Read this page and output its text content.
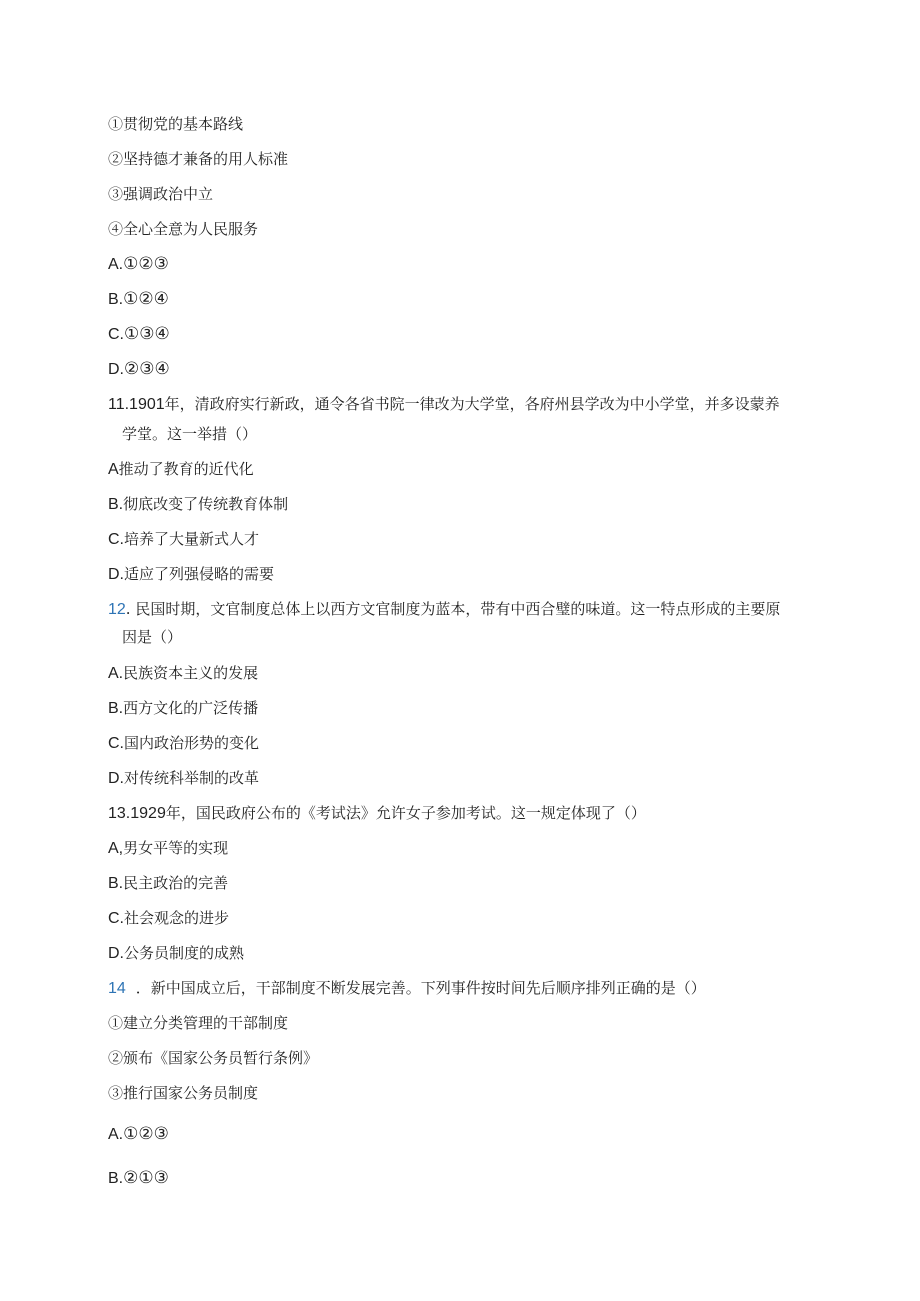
①贯彻党的基本路线
②坚持德才兼备的用人标准
③强调政治中立
④全心全意为人民服务
A.①②③
B.①②④
C.①③④
D.②③④
11.1901年，清政府实行新政，通令各省书院一律改为大学堂，各府州县学改为中小学堂，并多设蒙养
学堂。这一举措（）
A推动了教育的近代化
B.彻底改变了传统教育体制
C.培养了大量新式人才
D.适应了列强侵略的需要
12. 民国时期，文官制度总体上以西方文官制度为蓝本，带有中西合璧的味道。这一特点形成的主要原
因是（）
A.民族资本主义的发展
B.西方文化的广泛传播
C.国内政治形势的变化
D.对传统科举制的改革
13.1929年，国民政府公布的《考试法》允许女子参加考试。这一规定体现了（）
A,男女平等的实现
B.民主政治的完善
C.社会观念的进步
D.公务员制度的成熟
14 ．新中国成立后，干部制度不断发展完善。下列事件按时间先后顺序排列正确的是（）
①建立分类管理的干部制度
②颁布《国家公务员暂行条例》
③推行国家公务员制度
A.①②③
B.②①③
